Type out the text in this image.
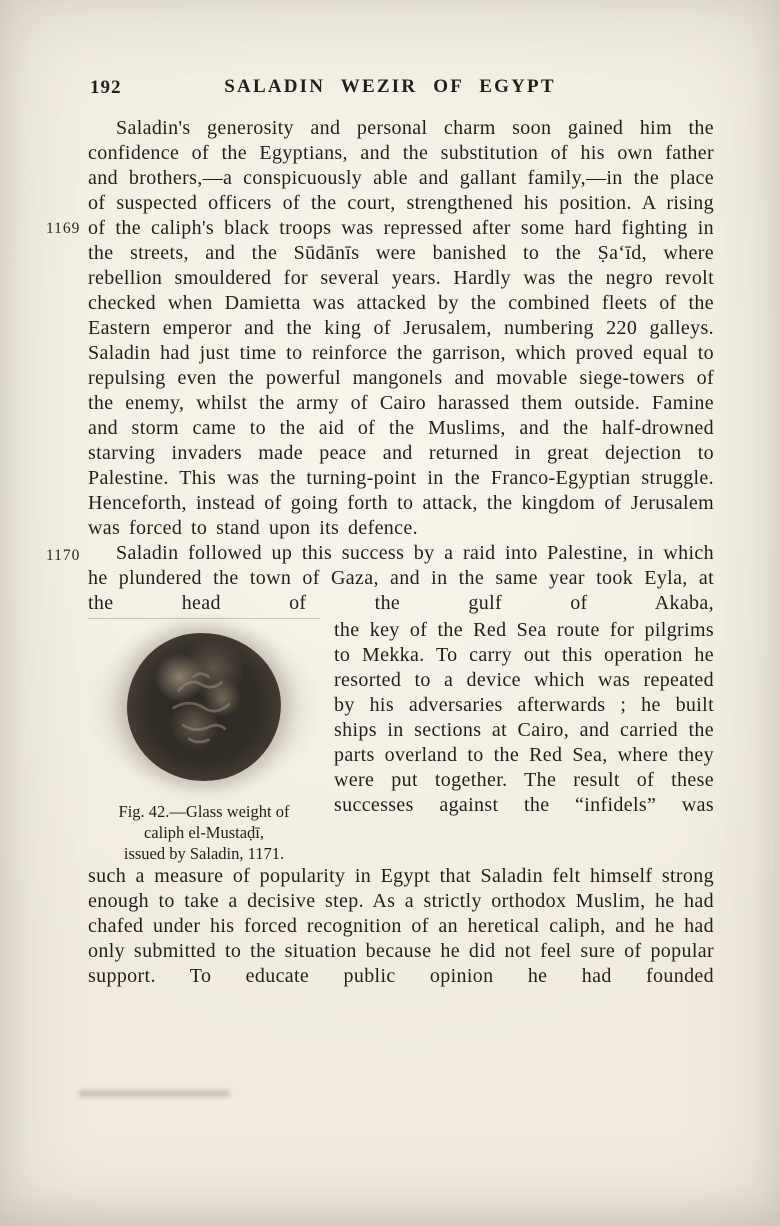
192	SALADIN WEZIR OF EGYPT

1169
Saladin's generosity and personal charm soon gained him the confidence of the Egyptians, and the substitution of his own father and brothers,—a conspicuously able and gallant family,—in the place of suspected officers of the court, strengthened his position. A rising of the caliph's black troops was repressed after some hard fighting in the streets, and the Sūdānīs were banished to the Ṣa‘īd, where rebellion smouldered for several years. Hardly was the negro revolt checked when Damietta was attacked by the combined fleets of the Eastern emperor and the king of Jerusalem, numbering 220 galleys. Saladin had just time to reinforce the garrison, which proved equal to repulsing even the powerful mangonels and movable siege-towers of the enemy, whilst the army of Cairo harassed them outside. Famine and storm came to the aid of the Muslims, and the half-drowned starving invaders made peace and returned in great dejection to Palestine. This was the turning-point in the Franco-Egyptian struggle. Henceforth, instead of going forth to attack, the kingdom of Jerusalem was forced to stand upon its defence.

1170 Saladin followed up this success by a raid into Palestine, in which he plundered the town of Gaza, and in the same year took Eyla, at the head of the gulf of Akaba,

Fig. 42.—Glass weight of
caliph el-Mustaḍī,
issued by Saladin, 1171.

the key of the Red Sea route for pilgrims to Mekka. To carry out this operation he resorted to a device which was repeated by his adversaries afterwards ; he built ships in sections at Cairo, and carried the parts overland to the Red Sea, where they were put together. The result of these successes against the “infidels” was

such a measure of popularity in Egypt that Saladin felt himself strong enough to take a decisive step. As a strictly orthodox Muslim, he had chafed under his forced recognition of an heretical caliph, and he had only submitted to the situation because he did not feel sure of popular support. To educate public opinion he had founded
